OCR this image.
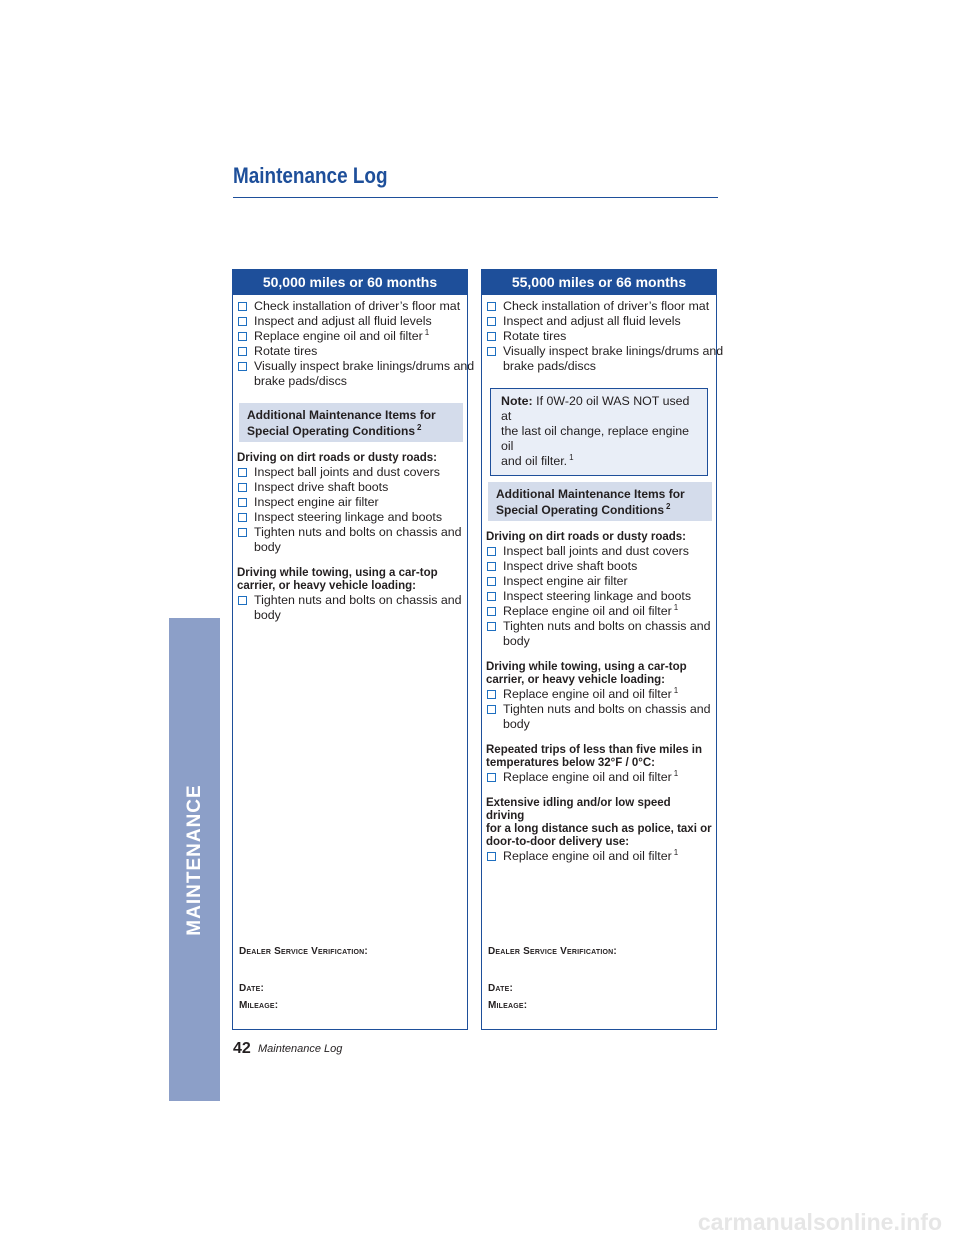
Maintenance Log
MAINTENANCE
50,000 miles or 60 months
Check installation of driver’s floor mat
Inspect and adjust all fluid levels
Replace engine oil and oil filter $^1$
Rotate tires
Visually inspect brake linings/drums and
brake pads/discs
Additional Maintenance Items for
Special Operating Conditions $^2$
Driving on dirt roads or dusty roads:
Inspect ball joints and dust covers
Inspect drive shaft boots
Inspect engine air filter
Inspect steering linkage and boots
Tighten nuts and bolts on chassis and
body
Driving while towing, using a car-top
carrier, or heavy vehicle loading:
Tighten nuts and bolts on chassis and
body
Dealer Service Verification:
Date:
Mileage:
55,000 miles or 66 months
Check installation of driver’s floor mat
Inspect and adjust all fluid levels
Rotate tires
Visually inspect brake linings/drums and
brake pads/discs
Note: If 0W-20 oil WAS NOT used at
the last oil change, replace engine oil
and oil filter. $^1$
Additional Maintenance Items for
Special Operating Conditions $^2$
Driving on dirt roads or dusty roads:
Inspect ball joints and dust covers
Inspect drive shaft boots
Inspect engine air filter
Inspect steering linkage and boots
Replace engine oil and oil filter $^1$
Tighten nuts and bolts on chassis and
body
Driving while towing, using a car-top
carrier, or heavy vehicle loading:
Replace engine oil and oil filter $^1$
Tighten nuts and bolts on chassis and
body
Repeated trips of less than five miles in
temperatures below 32°F / 0°C:
Replace engine oil and oil filter $^1$
Extensive idling and/or low speed driving
for a long distance such as police, taxi or
door-to-door delivery use:
Replace engine oil and oil filter $^1$
Dealer Service Verification:
Date:
Mileage:
42 Maintenance Log
carmanualsonline.info
